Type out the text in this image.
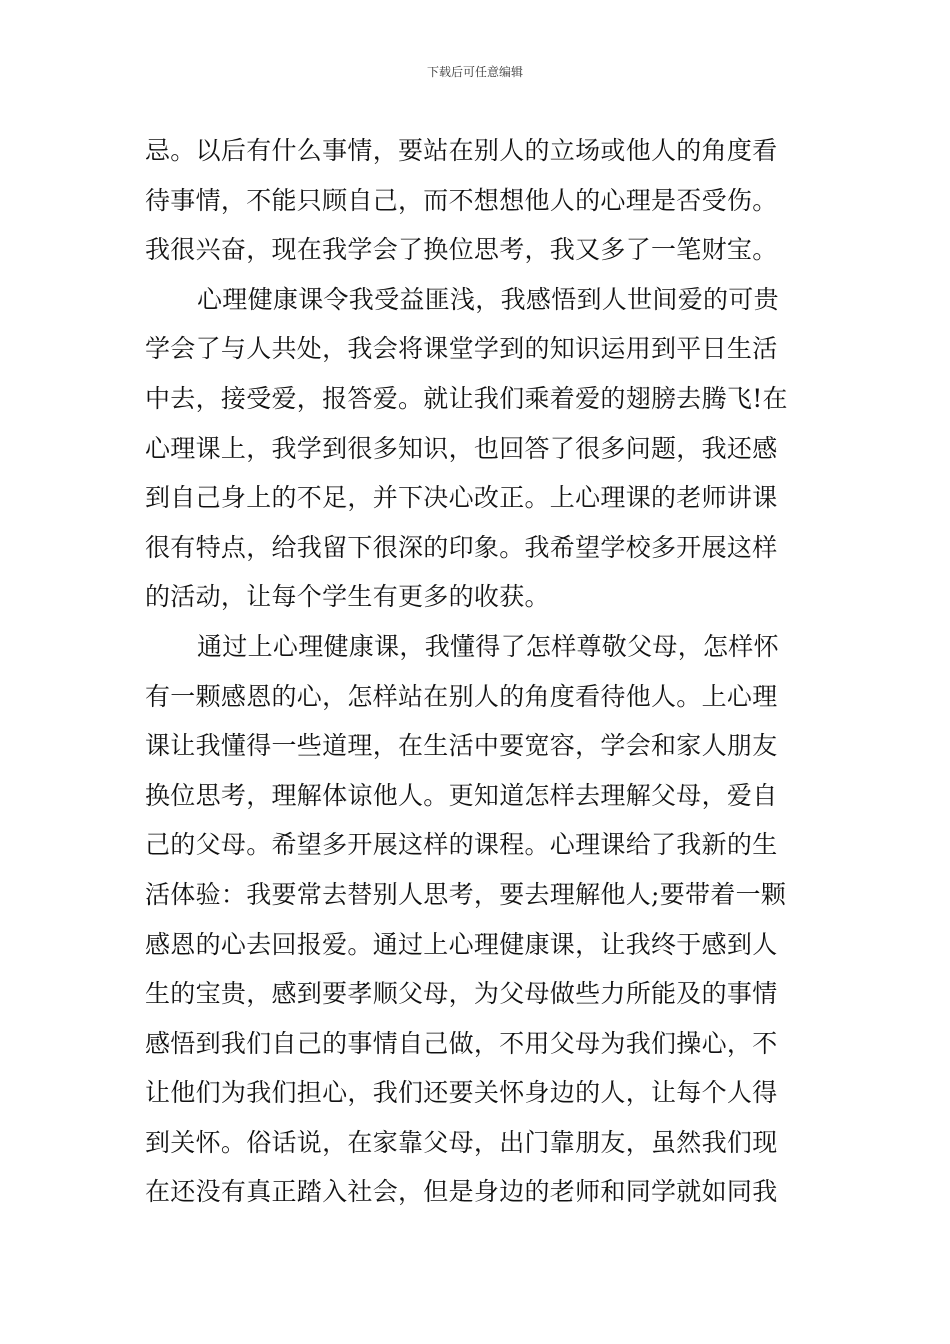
下载后可任意编辑
忌。以后有什么事情，要站在别人的立场或他人的角度看
待事情，不能只顾自己，而不想想他人的心理是否受伤。
我很兴奋，现在我学会了换位思考，我又多了一笔财宝。
心理健康课令我受益匪浅，我感悟到人世间爱的可贵
学会了与人共处，我会将课堂学到的知识运用到平日生活
中去，接受爱，报答爱。就让我们乘着爱的翅膀去腾飞!在
心理课上，我学到很多知识，也回答了很多问题，我还感
到自己身上的不足，并下决心改正。上心理课的老师讲课
很有特点，给我留下很深的印象。我希望学校多开展这样
的活动，让每个学生有更多的收获。
通过上心理健康课，我懂得了怎样尊敬父母，怎样怀
有一颗感恩的心，怎样站在别人的角度看待他人。上心理
课让我懂得一些道理，在生活中要宽容，学会和家人朋友
换位思考，理解体谅他人。更知道怎样去理解父母，爱自
己的父母。希望多开展这样的课程。心理课给了我新的生
活体验：我要常去替别人思考，要去理解他人;要带着一颗
感恩的心去回报爱。通过上心理健康课，让我终于感到人
生的宝贵，感到要孝顺父母，为父母做些力所能及的事情
感悟到我们自己的事情自己做，不用父母为我们操心，不
让他们为我们担心，我们还要关怀身边的人，让每个人得
到关怀。俗话说，在家靠父母，出门靠朋友，虽然我们现
在还没有真正踏入社会，但是身边的老师和同学就如同我
